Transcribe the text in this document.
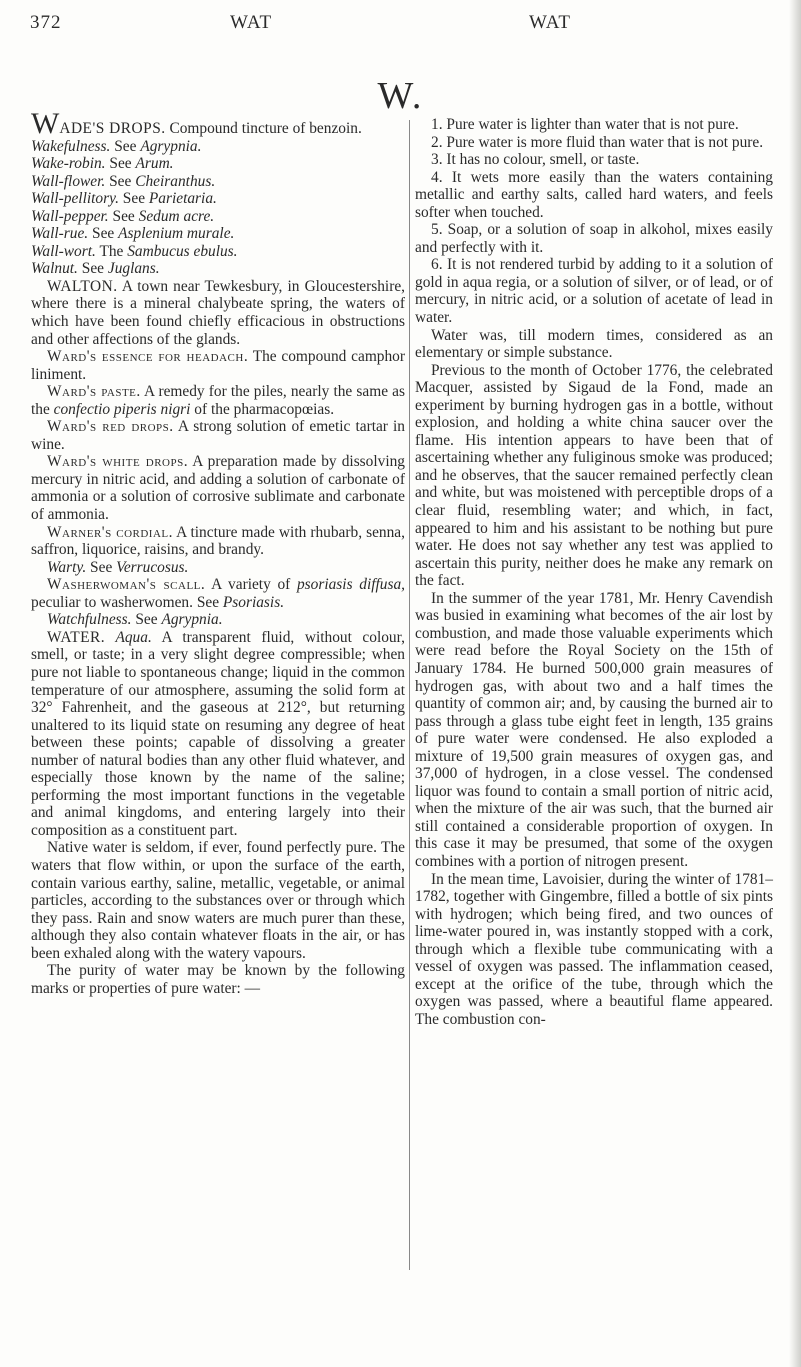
372	WAT	WAT
W.

WADE'S DROPS. Compound tincture of benzoin.

Wakefulness. See Agrypnia.

Wake-robin. See Arum.

Wall-flower. See Cheiranthus.

Wall-pellitory. See Parietaria.

Wall-pepper. See Sedum acre.

Wall-rue. See Asplenium murale.

Wall-wort. The Sambucus ebulus.

Walnut. See Juglans.

WALTON. A town near Tewkesbury, in Gloucestershire, where there is a mineral chalybeate spring, the waters of which have been found chiefly efficacious in obstructions and other affections of the glands.

Ward's essence for headach. The compound camphor liniment.

Ward's paste. A remedy for the piles, nearly the same as the confectio piperis nigri of the pharmacopœias.

Ward's red drops. A strong solution of emetic tartar in wine.

Ward's white drops. A preparation made by dissolving mercury in nitric acid, and adding a solution of carbonate of ammonia or a solution of corrosive sublimate and carbonate of ammonia.

Warner's cordial. A tincture made with rhubarb, senna, saffron, liquorice, raisins, and brandy.

Warty. See Verrucosus.

Washerwoman's scall. A variety of psoriasis diffusa, peculiar to washerwomen. See Psoriasis.

Watchfulness. See Agrypnia.

WATER. Aqua. A transparent fluid, without colour, smell, or taste; in a very slight degree compressible; when pure not liable to spontaneous change; liquid in the common temperature of our atmosphere, assuming the solid form at 32° Fahrenheit, and the gaseous at 212°, but returning unaltered to its liquid state on resuming any degree of heat between these points; capable of dissolving a greater number of natural bodies than any other fluid whatever, and especially those known by the name of the saline; performing the most important functions in the vegetable and animal kingdoms, and entering largely into their composition as a constituent part.

Native water is seldom, if ever, found perfectly pure. The waters that flow within, or upon the surface of the earth, contain various earthy, saline, metallic, vegetable, or animal particles, according to the substances over or through which they pass. Rain and snow waters are much purer than these, although they also contain whatever floats in the air, or has been exhaled along with the watery vapours.

The purity of water may be known by the following marks or properties of pure water: —

1. Pure water is lighter than water that is not pure.

2. Pure water is more fluid than water that is not pure.

3. It has no colour, smell, or taste.

4. It wets more easily than the waters containing metallic and earthy salts, called hard waters, and feels softer when touched.

5. Soap, or a solution of soap in alkohol, mixes easily and perfectly with it.

6. It is not rendered turbid by adding to it a solution of gold in aqua regia, or a solution of silver, or of lead, or of mercury, in nitric acid, or a solution of acetate of lead in water.

Water was, till modern times, considered as an elementary or simple substance.

Previous to the month of October 1776, the celebrated Macquer, assisted by Sigaud de la Fond, made an experiment by burning hydrogen gas in a bottle, without explosion, and holding a white china saucer over the flame. His intention appears to have been that of ascertaining whether any fuliginous smoke was produced; and he observes, that the saucer remained perfectly clean and white, but was moistened with perceptible drops of a clear fluid, resembling water; and which, in fact, appeared to him and his assistant to be nothing but pure water. He does not say whether any test was applied to ascertain this purity, neither does he make any remark on the fact.

In the summer of the year 1781, Mr. Henry Cavendish was busied in examining what becomes of the air lost by combustion, and made those valuable experiments which were read before the Royal Society on the 15th of January 1784. He burned 500,000 grain measures of hydrogen gas, with about two and a half times the quantity of common air; and, by causing the burned air to pass through a glass tube eight feet in length, 135 grains of pure water were condensed. He also exploded a mixture of 19,500 grain measures of oxygen gas, and 37,000 of hydrogen, in a close vessel. The condensed liquor was found to contain a small portion of nitric acid, when the mixture of the air was such, that the burned air still contained a considerable proportion of oxygen. In this case it may be presumed, that some of the oxygen combines with a portion of nitrogen present.

In the mean time, Lavoisier, during the winter of 1781–1782, together with Gingembre, filled a bottle of six pints with hydrogen; which being fired, and two ounces of lime-water poured in, was instantly stopped with a cork, through which a flexible tube communicating with a vessel of oxygen was passed. The inflammation ceased, except at the orifice of the tube, through which the oxygen was passed, where a beautiful flame appeared. The combustion con-
